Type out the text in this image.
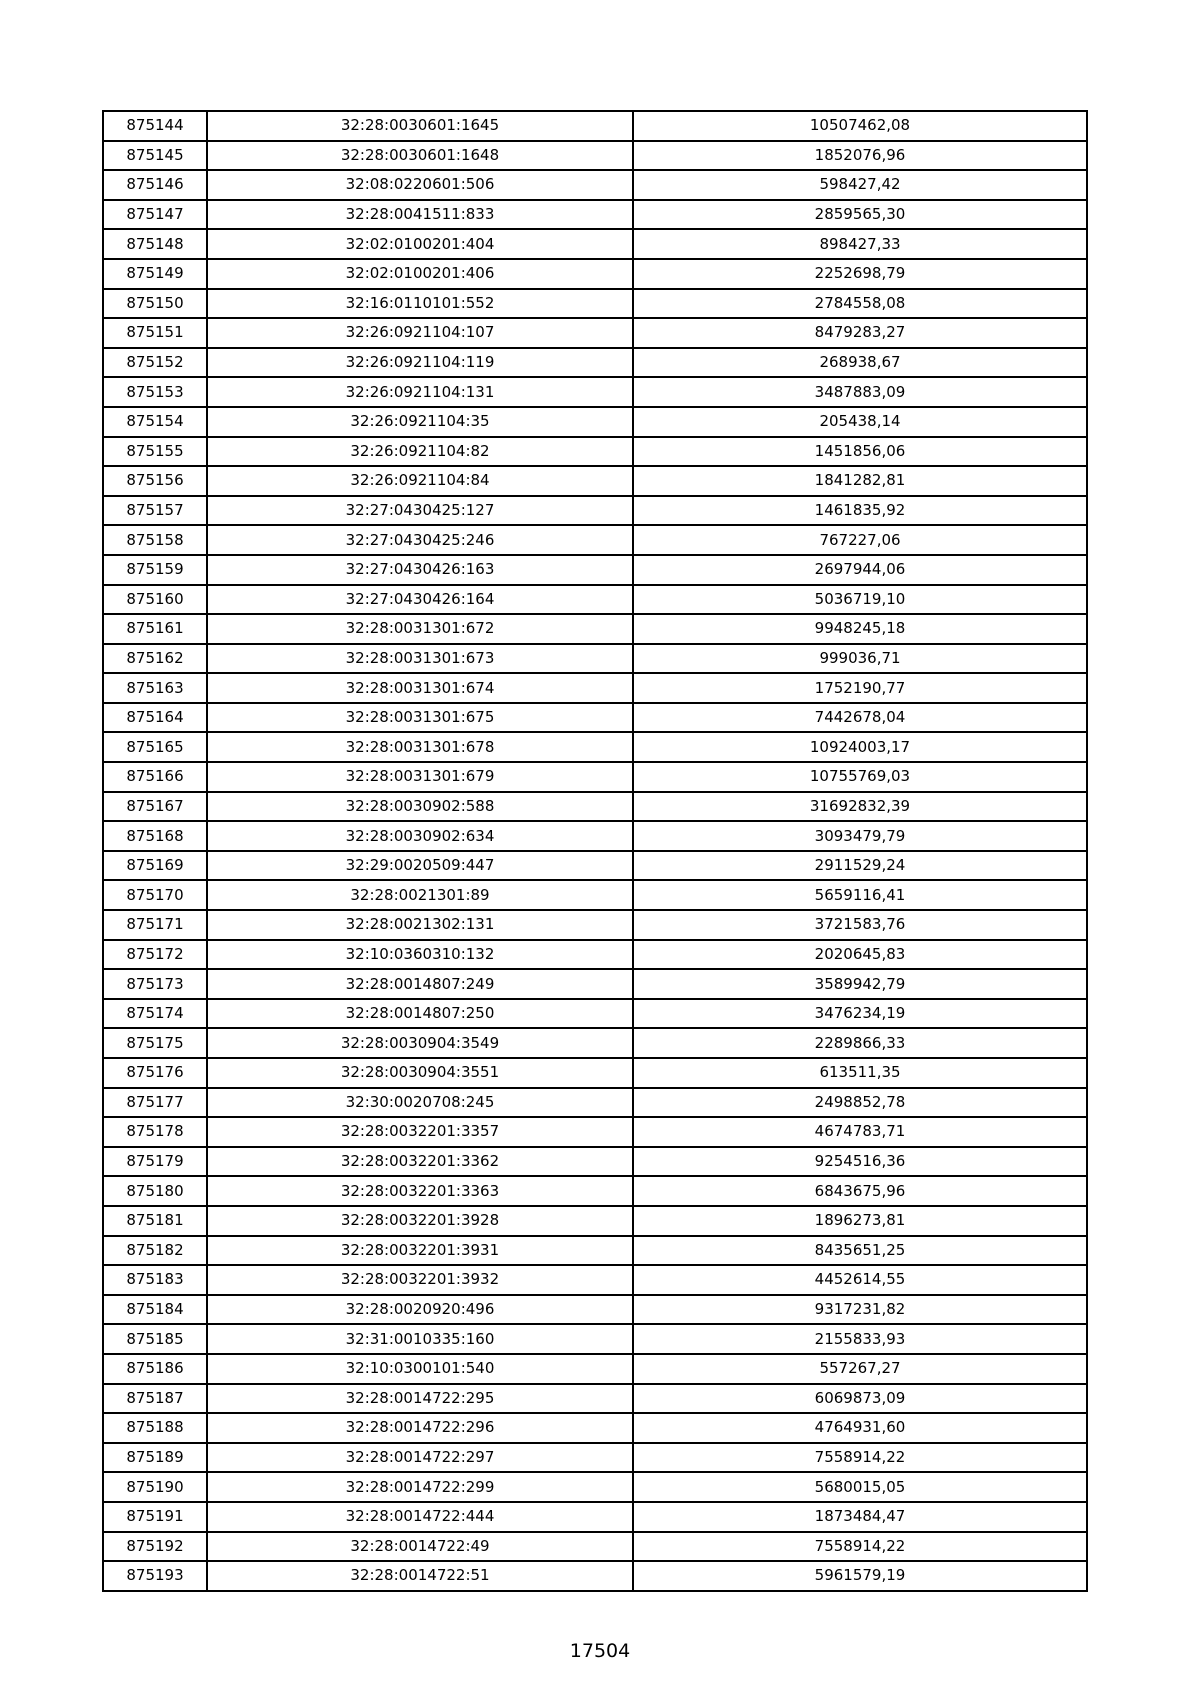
875144	32:28:0030601:1645	10507462,08
875145	32:28:0030601:1648	1852076,96
875146	32:08:0220601:506	598427,42
875147	32:28:0041511:833	2859565,30
875148	32:02:0100201:404	898427,33
875149	32:02:0100201:406	2252698,79
875150	32:16:0110101:552	2784558,08
875151	32:26:0921104:107	8479283,27
875152	32:26:0921104:119	268938,67
875153	32:26:0921104:131	3487883,09
875154	32:26:0921104:35	205438,14
875155	32:26:0921104:82	1451856,06
875156	32:26:0921104:84	1841282,81
875157	32:27:0430425:127	1461835,92
875158	32:27:0430425:246	767227,06
875159	32:27:0430426:163	2697944,06
875160	32:27:0430426:164	5036719,10
875161	32:28:0031301:672	9948245,18
875162	32:28:0031301:673	999036,71
875163	32:28:0031301:674	1752190,77
875164	32:28:0031301:675	7442678,04
875165	32:28:0031301:678	10924003,17
875166	32:28:0031301:679	10755769,03
875167	32:28:0030902:588	31692832,39
875168	32:28:0030902:634	3093479,79
875169	32:29:0020509:447	2911529,24
875170	32:28:0021301:89	5659116,41
875171	32:28:0021302:131	3721583,76
875172	32:10:0360310:132	2020645,83
875173	32:28:0014807:249	3589942,79
875174	32:28:0014807:250	3476234,19
875175	32:28:0030904:3549	2289866,33
875176	32:28:0030904:3551	613511,35
875177	32:30:0020708:245	2498852,78
875178	32:28:0032201:3357	4674783,71
875179	32:28:0032201:3362	9254516,36
875180	32:28:0032201:3363	6843675,96
875181	32:28:0032201:3928	1896273,81
875182	32:28:0032201:3931	8435651,25
875183	32:28:0032201:3932	4452614,55
875184	32:28:0020920:496	9317231,82
875185	32:31:0010335:160	2155833,93
875186	32:10:0300101:540	557267,27
875187	32:28:0014722:295	6069873,09
875188	32:28:0014722:296	4764931,60
875189	32:28:0014722:297	7558914,22
875190	32:28:0014722:299	5680015,05
875191	32:28:0014722:444	1873484,47
875192	32:28:0014722:49	7558914,22
875193	32:28:0014722:51	5961579,19
17504
